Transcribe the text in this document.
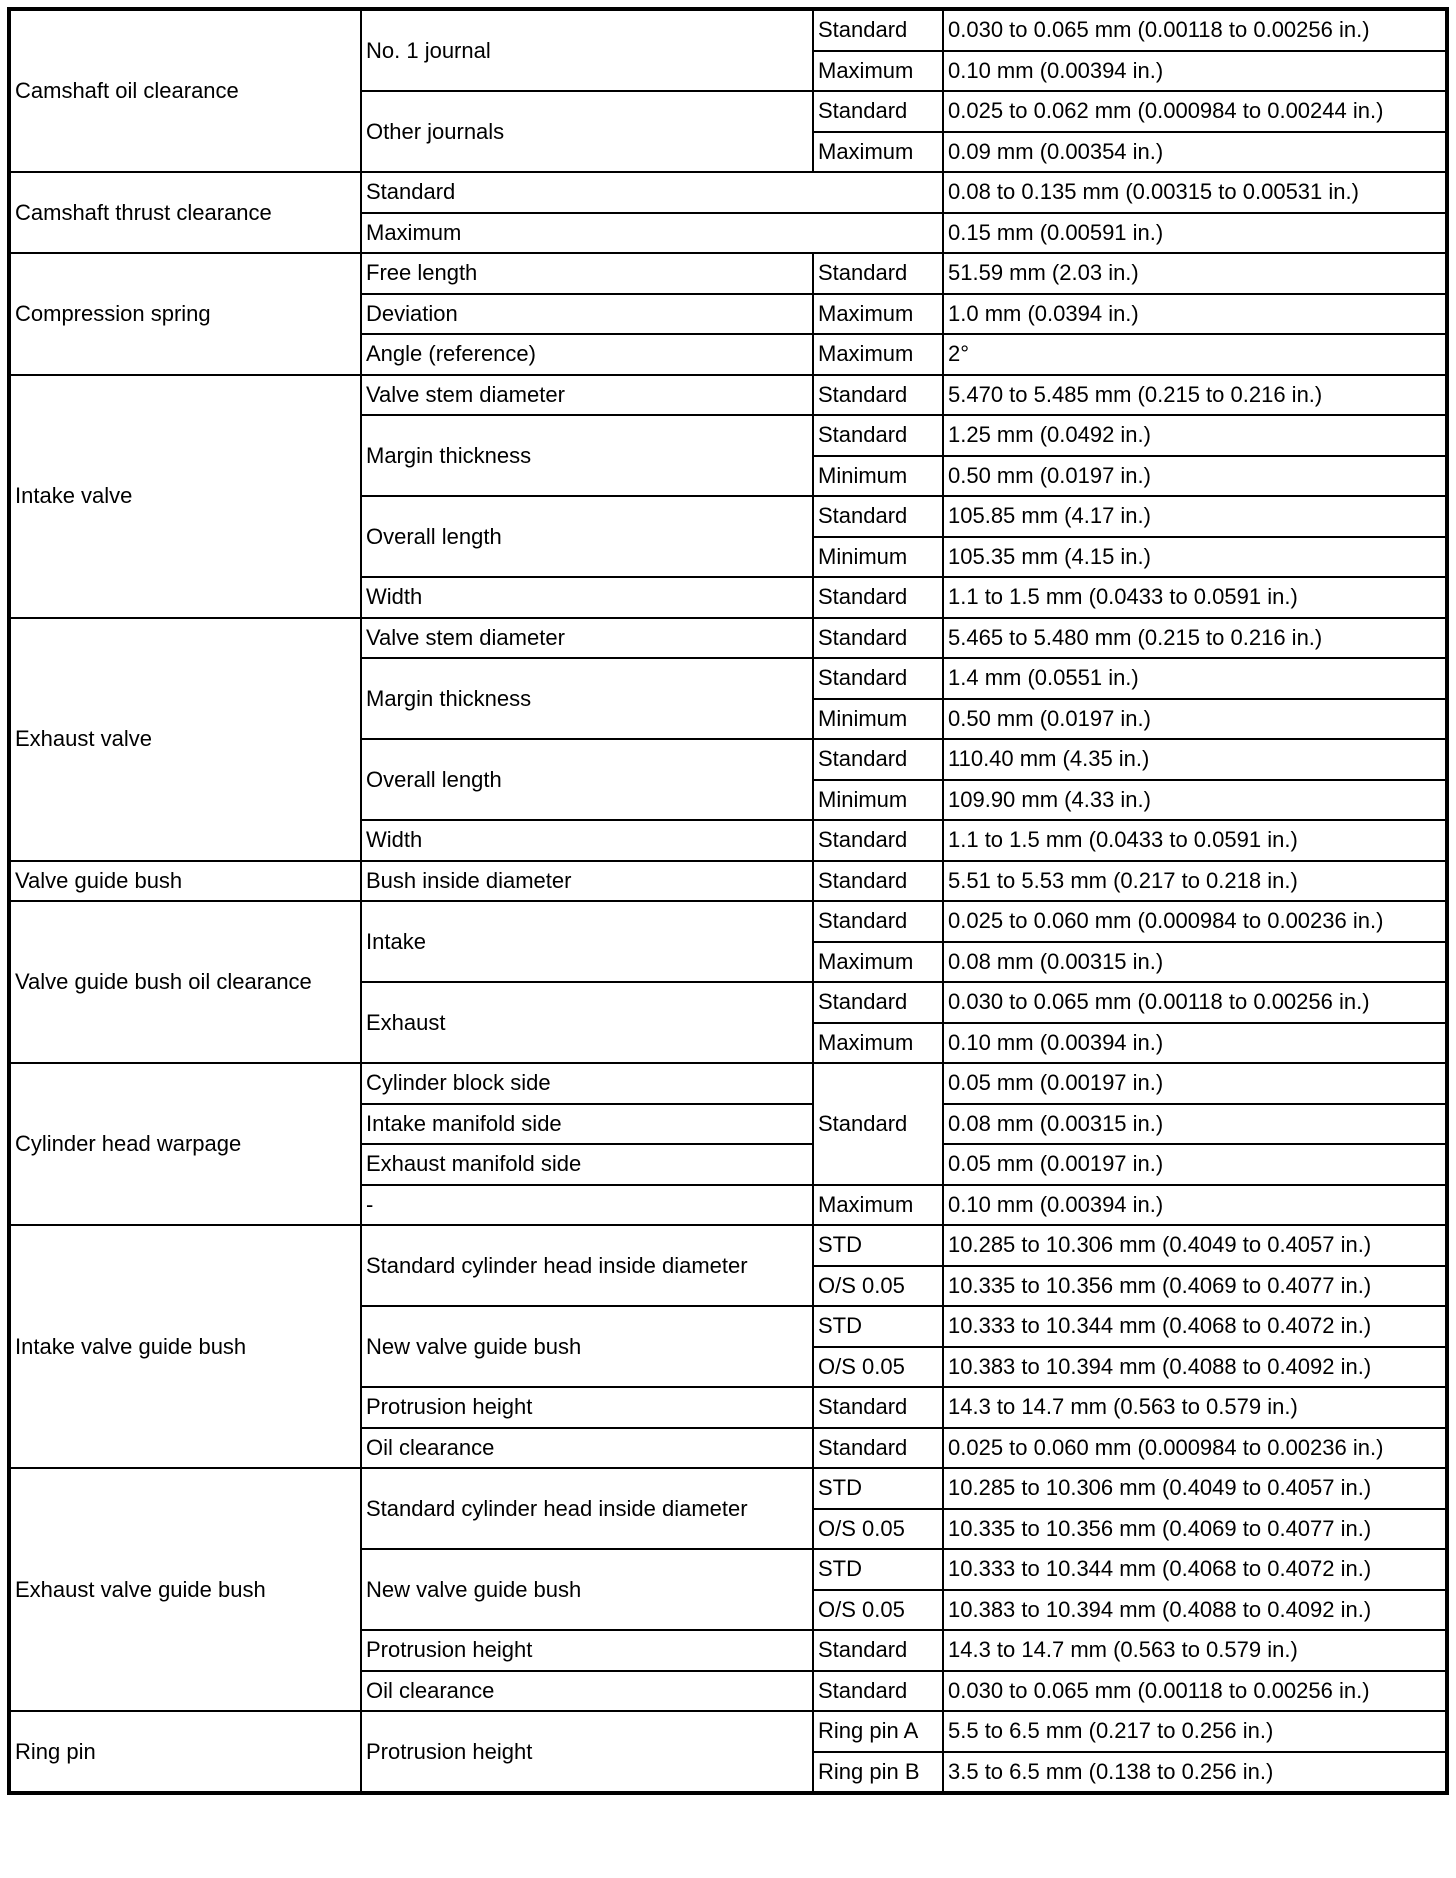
Camshaft oil clearance	No. 1 journal	Standard	0.030 to 0.065 mm (0.00118 to 0.00256 in.)
		Maximum	0.10 mm (0.00394 in.)
	Other journals	Standard	0.025 to 0.062 mm (0.000984 to 0.00244 in.)
		Maximum	0.09 mm (0.00354 in.)
Camshaft thrust clearance	Standard		0.08 to 0.135 mm (0.00315 to 0.00531 in.)
	Maximum		0.15 mm (0.00591 in.)
Compression spring	Free length	Standard	51.59 mm (2.03 in.)
	Deviation	Maximum	1.0 mm (0.0394 in.)
	Angle (reference)	Maximum	2°
Intake valve	Valve stem diameter	Standard	5.470 to 5.485 mm (0.215 to 0.216 in.)
	Margin thickness	Standard	1.25 mm (0.0492 in.)
		Minimum	0.50 mm (0.0197 in.)
	Overall length	Standard	105.85 mm (4.17 in.)
		Minimum	105.35 mm (4.15 in.)
	Width	Standard	1.1 to 1.5 mm (0.0433 to 0.0591 in.)
Exhaust valve	Valve stem diameter	Standard	5.465 to 5.480 mm (0.215 to 0.216 in.)
	Margin thickness	Standard	1.4 mm (0.0551 in.)
		Minimum	0.50 mm (0.0197 in.)
	Overall length	Standard	110.40 mm (4.35 in.)
		Minimum	109.90 mm (4.33 in.)
	Width	Standard	1.1 to 1.5 mm (0.0433 to 0.0591 in.)
Valve guide bush	Bush inside diameter	Standard	5.51 to 5.53 mm (0.217 to 0.218 in.)
Valve guide bush oil clearance	Intake	Standard	0.025 to 0.060 mm (0.000984 to 0.00236 in.)
		Maximum	0.08 mm (0.00315 in.)
	Exhaust	Standard	0.030 to 0.065 mm (0.00118 to 0.00256 in.)
		Maximum	0.10 mm (0.00394 in.)
Cylinder head warpage	Cylinder block side	Standard	0.05 mm (0.00197 in.)
	Intake manifold side		0.08 mm (0.00315 in.)
	Exhaust manifold side		0.05 mm (0.00197 in.)
	-	Maximum	0.10 mm (0.00394 in.)
Intake valve guide bush	Standard cylinder head inside diameter	STD	10.285 to 10.306 mm (0.4049 to 0.4057 in.)
		O/S 0.05	10.335 to 10.356 mm (0.4069 to 0.4077 in.)
	New valve guide bush	STD	10.333 to 10.344 mm (0.4068 to 0.4072 in.)
		O/S 0.05	10.383 to 10.394 mm (0.4088 to 0.4092 in.)
	Protrusion height	Standard	14.3 to 14.7 mm (0.563 to 0.579 in.)
	Oil clearance	Standard	0.025 to 0.060 mm (0.000984 to 0.00236 in.)
Exhaust valve guide bush	Standard cylinder head inside diameter	STD	10.285 to 10.306 mm (0.4049 to 0.4057 in.)
		O/S 0.05	10.335 to 10.356 mm (0.4069 to 0.4077 in.)
	New valve guide bush	STD	10.333 to 10.344 mm (0.4068 to 0.4072 in.)
		O/S 0.05	10.383 to 10.394 mm (0.4088 to 0.4092 in.)
	Protrusion height	Standard	14.3 to 14.7 mm (0.563 to 0.579 in.)
	Oil clearance	Standard	0.030 to 0.065 mm (0.00118 to 0.00256 in.)
Ring pin	Protrusion height	Ring pin A	5.5 to 6.5 mm (0.217 to 0.256 in.)
		Ring pin B	3.5 to 6.5 mm (0.138 to 0.256 in.)
